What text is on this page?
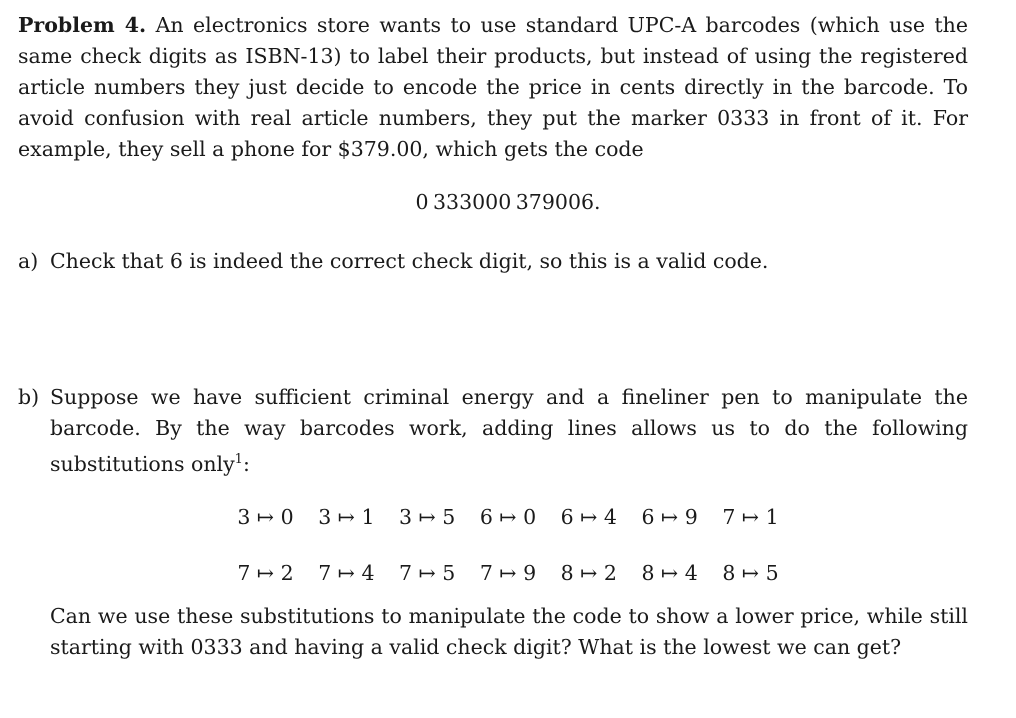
Problem 4. An electronics store wants to use standard UPC-A barcodes (which use the same check digits as ISBN-13) to label their products, but instead of using the registered article numbers they just decide to encode the price in cents directly in the barcode. To avoid confusion with real article numbers, they put the marker 0333 in front of it. For example, they sell a phone for $379.00, which gets the code
0 333000 379006.
a) Check that 6 is indeed the correct check digit, so this is a valid code.
b) Suppose we have sufficient criminal energy and a fineliner pen to manipulate the barcode. By the way barcodes work, adding lines allows us to do the following substitutions only$^1$:
3 ↦ 0 3 ↦ 1 3 ↦ 5 6 ↦ 0 6 ↦ 4 6 ↦ 9 7 ↦ 1
7 ↦ 2 7 ↦ 4 7 ↦ 5 7 ↦ 9 8 ↦ 2 8 ↦ 4 8 ↦ 5
Can we use these substitutions to manipulate the code to show a lower price, while still starting with 0333 and having a valid check digit? What is the lowest we can get?
